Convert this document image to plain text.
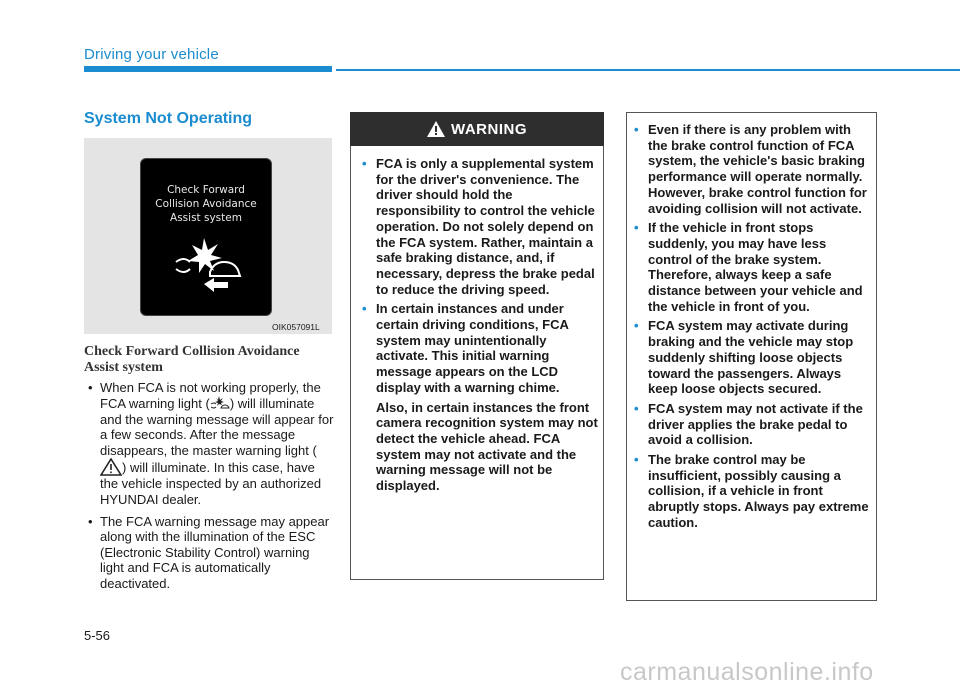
Driving your vehicle
System Not Operating
Check Forward
Collision Avoidance
Assist system
OIK057091L
Check Forward Collision Avoidance Assist system
• When FCA is not working properly, the FCA warning light ( ) will illuminate and the warning message will appear for a few seconds. After the message disappears, the master warning light () will illuminate. In this case, have the vehicle inspected by an authorized HYUNDAI dealer.
• The FCA warning message may appear along with the illumination of the ESC (Electronic Stability Control) warning light and FCA is automatically deactivated.
WARNING
• FCA is only a supplemental system for the driver's convenience. The driver should hold the responsibility to control the vehicle operation. Do not solely depend on the FCA system. Rather, maintain a safe braking distance, and, if necessary, depress the brake pedal to reduce the driving speed.
• In certain instances and under certain driving conditions, FCA system may unintentionally activate. This initial warning message appears on the LCD display with a warning chime.

Also, in certain instances the front camera recognition system may not detect the vehicle ahead. FCA system may not activate and the warning message will not be displayed.

• Even if there is any problem with the brake control function of FCA system, the vehicle's basic braking performance will operate normally. However, brake control function for avoiding collision will not activate.
• If the vehicle in front stops suddenly, you may have less control of the brake system. Therefore, always keep a safe distance between your vehicle and the vehicle in front of you.
• FCA system may activate during braking and the vehicle may stop suddenly shifting loose objects toward the passengers. Always keep loose objects secured.
• FCA system may not activate if the driver applies the brake pedal to avoid a collision.
• The brake control may be insufficient, possibly causing a collision, if a vehicle in front abruptly stops. Always pay extreme caution.
5-56
carmanualsonline.info
